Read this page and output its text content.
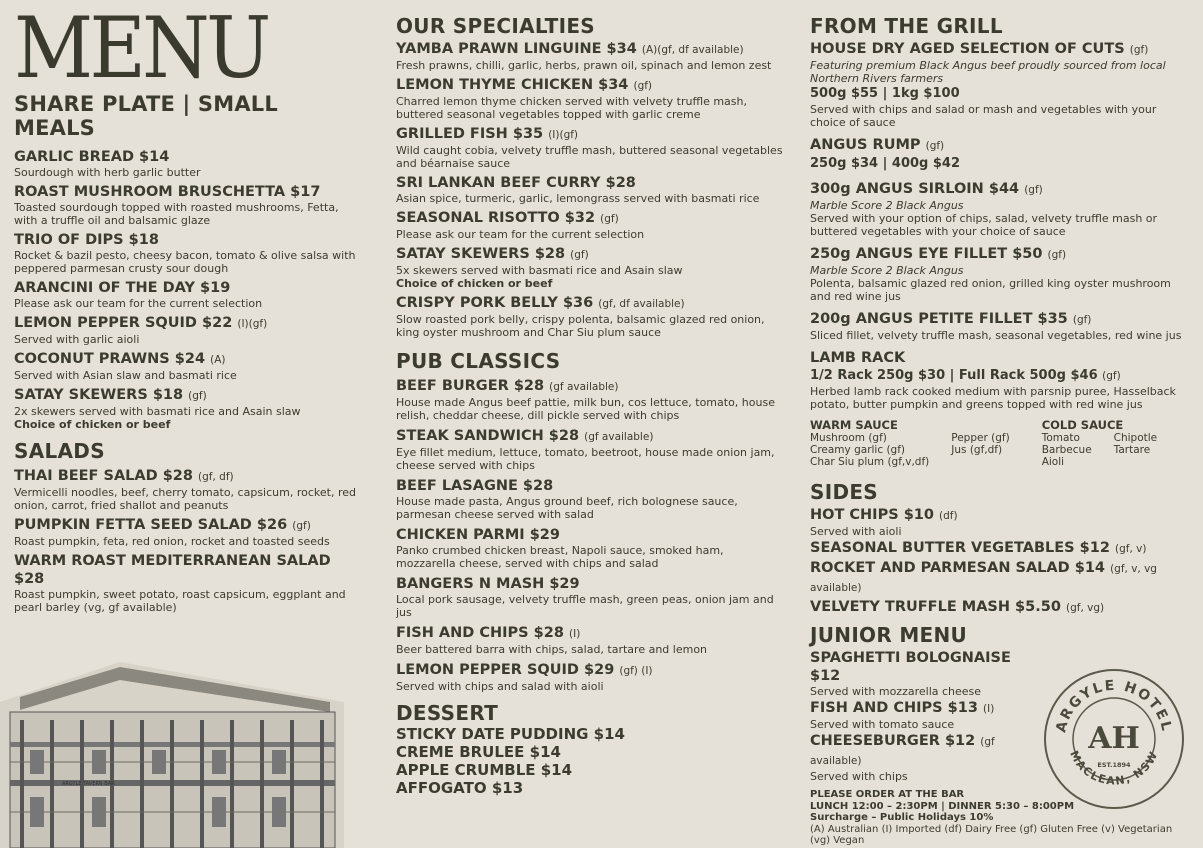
MENU
SHARE PLATE | SMALL MEALS
GARLIC BREAD $14
Sourdough with herb garlic butter
ROAST MUSHROOM BRUSCHETTA $17
Toasted sourdough topped with roasted mushrooms, Fetta, with a truffle oil and balsamic glaze
TRIO OF DIPS $18
Rocket & bazil pesto, cheesy bacon, tomato & olive salsa with peppered parmesan crusty sour dough
ARANCINI OF THE DAY $19
Please ask our team for the current selection
LEMON PEPPER SQUID $22 (I)(gf)
Served with garlic aioli
COCONUT PRAWNS $24 (A)
Served with Asian slaw and basmati rice
SATAY SKEWERS $18 (gf)
2x skewers served with basmati rice and Asain slaw
Choice of chicken or beef
SALADS
THAI BEEF SALAD $28 (gf, df)
Vermicelli noodles, beef, cherry tomato, capsicum, rocket, red onion, carrot, fried shallot and peanuts
PUMPKIN FETTA SEED SALAD $26 (gf)
Roast pumpkin, feta, red onion, rocket and toasted seeds
WARM ROAST MEDITERRANEAN SALAD $28
Roast pumpkin, sweet potato, roast capsicum, eggplant and pearl barley (vg, gf available)
ARGYLE TAVERN BAR
OUR SPECIALTIES
YAMBA PRAWN LINGUINE $34 (A)(gf, df available)
Fresh prawns, chilli, garlic, herbs, prawn oil, spinach and lemon zest
LEMON THYME CHICKEN $34 (gf)
Charred lemon thyme chicken served with velvety truffle mash, buttered seasonal vegetables topped with garlic creme
GRILLED FISH $35 (I)(gf)
Wild caught cobia, velvety truffle mash, buttered seasonal vegetables and béarnaise sauce
SRI LANKAN BEEF CURRY $28
Asian spice, turmeric, garlic, lemongrass served with basmati rice
SEASONAL RISOTTO $32 (gf)
Please ask our team for the current selection
SATAY SKEWERS $28 (gf)
5x skewers served with basmati rice and Asain slaw
Choice of chicken or beef
CRISPY PORK BELLY $36 (gf, df available)
Slow roasted pork belly, crispy polenta, balsamic glazed red onion, king oyster mushroom and Char Siu plum sauce
PUB CLASSICS
BEEF BURGER $28 (gf available)
House made Angus beef pattie, milk bun, cos lettuce, tomato, house relish, cheddar cheese, dill pickle served with chips
STEAK SANDWICH $28 (gf available)
Eye fillet medium, lettuce, tomato, beetroot, house made onion jam, cheese served with chips
BEEF LASAGNE $28
House made pasta, Angus ground beef, rich bolognese sauce, parmesan cheese served with salad
CHICKEN PARMI $29
Panko crumbed chicken breast, Napoli sauce, smoked ham, mozzarella cheese, served with chips and salad
BANGERS N MASH $29
Local pork sausage, velvety truffle mash, green peas, onion jam and jus
FISH AND CHIPS $28 (I)
Beer battered barra with chips, salad, tartare and lemon
LEMON PEPPER SQUID $29 (gf) (I)
Served with chips and salad with aioli
DESSERT
STICKY DATE PUDDING $14
CREME BRULEE $14
APPLE CRUMBLE $14
AFFOGATO $13
FROM THE GRILL
HOUSE DRY AGED SELECTION OF CUTS (gf)
Featuring premium Black Angus beef proudly sourced from local Northern Rivers farmers
500g $55 | 1kg $100
Served with chips and salad or mash and vegetables with your choice of sauce
ANGUS RUMP (gf)
250g $34 | 400g $42
300g ANGUS SIRLOIN $44 (gf)
Marble Score 2 Black Angus
Served with your option of chips, salad, velvety truffle mash or buttered vegetables with your choice of sauce
250g ANGUS EYE FILLET $50 (gf)
Marble Score 2 Black Angus
Polenta, balsamic glazed red onion, grilled king oyster mushroom and red wine jus
200g ANGUS PETITE FILLET $35 (gf)
Sliced fillet, velvety truffle mash, seasonal vegetables, red wine jus
LAMB RACK
1/2 Rack 250g $30 | Full Rack 500g $46 (gf)
Herbed lamb rack cooked medium with parsnip puree, Hasselback potato, butter pumpkin and greens topped with red wine jus
WARM SAUCE
Mushroom (gf)	Pepper (gf)
Creamy garlic (gf)	Jus (gf,df)
Char Siu plum (gf,v,df)
COLD SAUCE
Tomato	Chipotle
Barbecue Tartare
Aioli
SIDES
HOT CHIPS $10 (df)
Served with aioli
SEASONAL BUTTER VEGETABLES $12 (gf, v)
ROCKET AND PARMESAN SALAD $14 (gf, v, vg available)
VELVETY TRUFFLE MASH $5.50 (gf, vg)
JUNIOR MENU
SPAGHETTI BOLOGNAISE $12
Served with mozzarella cheese
FISH AND CHIPS $13 (I)
Served with tomato sauce
CHEESEBURGER $12 (gf available)
Served with chips
PLEASE ORDER AT THE BAR
LUNCH 12:00 – 2:30PM | DINNER 5:30 – 8:00PM
Surcharge – Public Holidays 10%
(A) Australian (I) Imported (df) Dairy Free (gf) Gluten Free (v) Vegetarian (vg) Vegan
ARGYLE HOTEL
MACLEAN, NSW
AH
EST.1894
